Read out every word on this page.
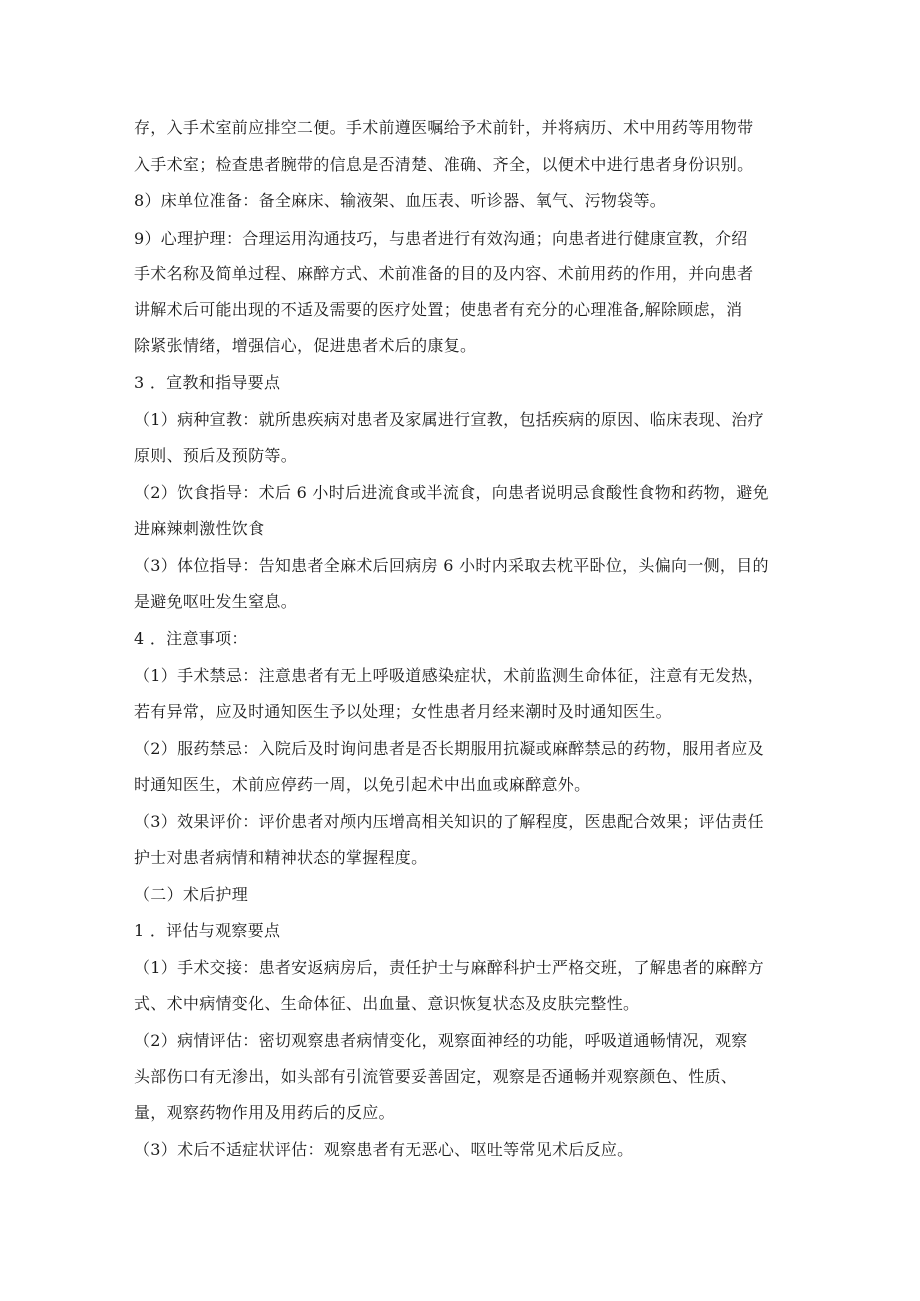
存，入手术室前应排空二便。手术前遵医嘱给予术前针，并将病历、术中用药等用物带
入手术室；检查患者腕带的信息是否清楚、准确、齐全，以便术中进行患者身份识别。
8）床单位准备：备全麻床、输液架、血压表、听诊器、氧气、污物袋等。
9）心理护理：合理运用沟通技巧，与患者进行有效沟通；向患者进行健康宣教，介绍
手术名称及简单过程、麻醉方式、术前准备的目的及内容、术前用药的作用，并向患者
讲解术后可能出现的不适及需要的医疗处置；使患者有充分的心理准备,解除顾虑，消
除紧张情绪，增强信心，促进患者术后的康复。
3 ．宣教和指导要点
（1）病种宣教：就所患疾病对患者及家属进行宣教，包括疾病的原因、临床表现、治疗
原则、预后及预防等。
（2）饮食指导：术后 6 小时后进流食或半流食，向患者说明忌食酸性食物和药物，避免
进麻辣刺激性饮食
（3）体位指导：告知患者全麻术后回病房 6 小时内采取去枕平卧位，头偏向一侧，目的
是避免呕吐发生窒息。
4 ．注意事项：
（1）手术禁忌：注意患者有无上呼吸道感染症状，术前监测生命体征，注意有无发热，
若有异常，应及时通知医生予以处理；女性患者月经来潮时及时通知医生。
（2）服药禁忌：入院后及时询问患者是否长期服用抗凝或麻醉禁忌的药物，服用者应及
时通知医生，术前应停药一周，以免引起术中出血或麻醉意外。
（3）效果评价：评价患者对颅内压增高相关知识的了解程度，医患配合效果；评估责任
护士对患者病情和精神状态的掌握程度。
（二）术后护理
1 ．评估与观察要点
（1）手术交接：患者安返病房后，责任护士与麻醉科护士严格交班，了解患者的麻醉方
式、术中病情变化、生命体征、出血量、意识恢复状态及皮肤完整性。
（2）病情评估：密切观察患者病情变化，观察面神经的功能，呼吸道通畅情况，观察
头部伤口有无渗出，如头部有引流管要妥善固定，观察是否通畅并观察颜色、性质、
量，观察药物作用及用药后的反应。
（3）术后不适症状评估：观察患者有无恶心、呕吐等常见术后反应。
